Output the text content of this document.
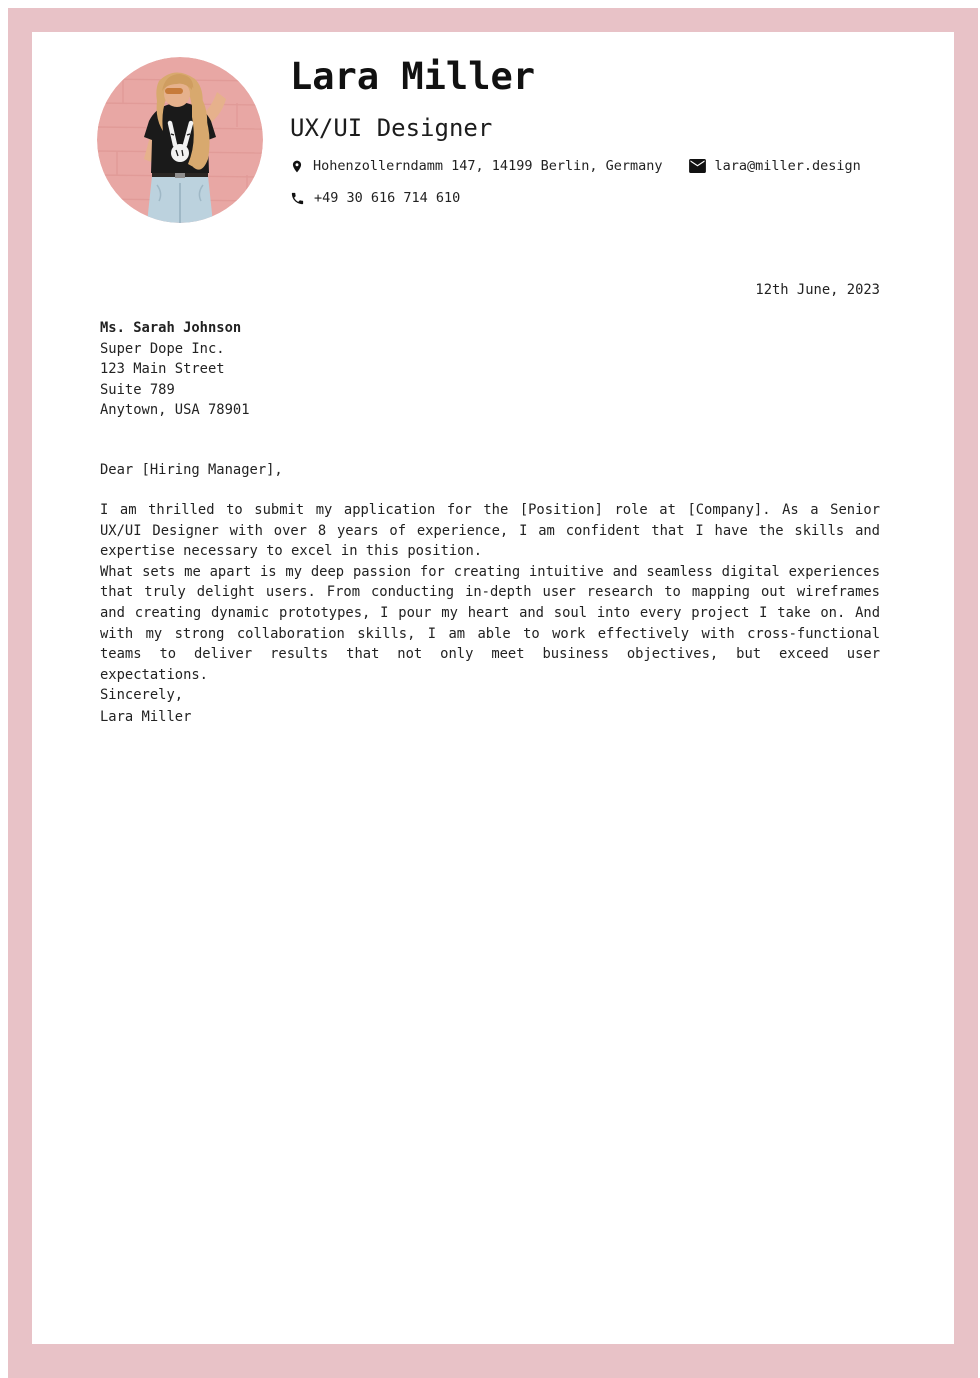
Lara Miller
UX/UI Designer
Hohenzollerndamm 147, 14199 Berlin, Germany	lara@miller.design
+49 30 616 714 610
12th June, 2023
Ms. Sarah Johnson
Super Dope Inc.
123 Main Street
Suite 789
Anytown, USA 78901
Dear [Hiring Manager],

I am thrilled to submit my application for the [Position] role at [Company]. As a Senior UX/UI Designer with over 8 years of experience, I am confident that I have the skills and expertise necessary to excel in this position.

What sets me apart is my deep passion for creating intuitive and seamless digital experiences that truly delight users. From conducting in-depth user research to mapping out wireframes and creating dynamic prototypes, I pour my heart and soul into every project I take on. And with my strong collaboration skills, I am able to work effectively with cross-functional teams to deliver results that not only meet business objectives, but exceed user expectations.

Sincerely,
Lara Miller
